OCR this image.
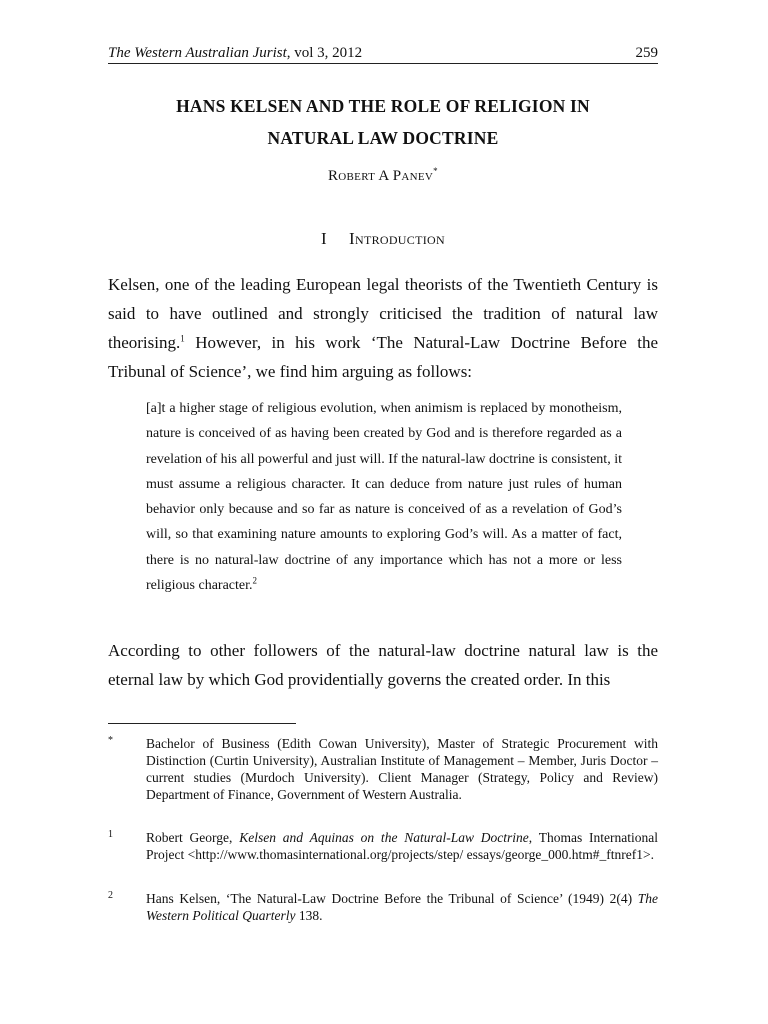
The Western Australian Jurist, vol 3, 2012	259
HANS KELSEN AND THE ROLE OF RELIGION IN
NATURAL LAW DOCTRINE
Robert A Panev*
I Introduction

Kelsen, one of the leading European legal theorists of the Twentieth Century is said to have outlined and strongly criticised the tradition of natural law theorising.$^1$ However, in his work ‘The Natural-Law Doctrine Before the Tribunal of Science’, we find him arguing as follows:

[a]t a higher stage of religious evolution, when animism is replaced by monotheism, nature is conceived of as having been created by God and is therefore regarded as a revelation of his all powerful and just will. If the natural-law doctrine is consistent, it must assume a religious character. It can deduce from nature just rules of human behavior only because and so far as nature is conceived of as a revelation of God’s will, so that examining nature amounts to exploring God’s will. As a matter of fact, there is no natural-law doctrine of any importance which has not a more or less religious character.$^2$

According to other followers of the natural-law doctrine natural law is the eternal law by which God providentially governs the created order. In this

*	Bachelor of Business (Edith Cowan University), Master of Strategic Procurement with Distinction (Curtin University), Australian Institute of Management – Member, Juris Doctor – current studies (Murdoch University). Client Manager (Strategy, Policy and Review) Department of Finance, Government of Western Australia.
1	Robert George, Kelsen and Aquinas on the Natural-Law Doctrine, Thomas International Project <http://www.thomasinternational.org/projects/step/ essays/george_000.htm#_ftnref1>.
2	Hans Kelsen, ‘The Natural-Law Doctrine Before the Tribunal of Science’ (1949) 2(4) The Western Political Quarterly 138.
